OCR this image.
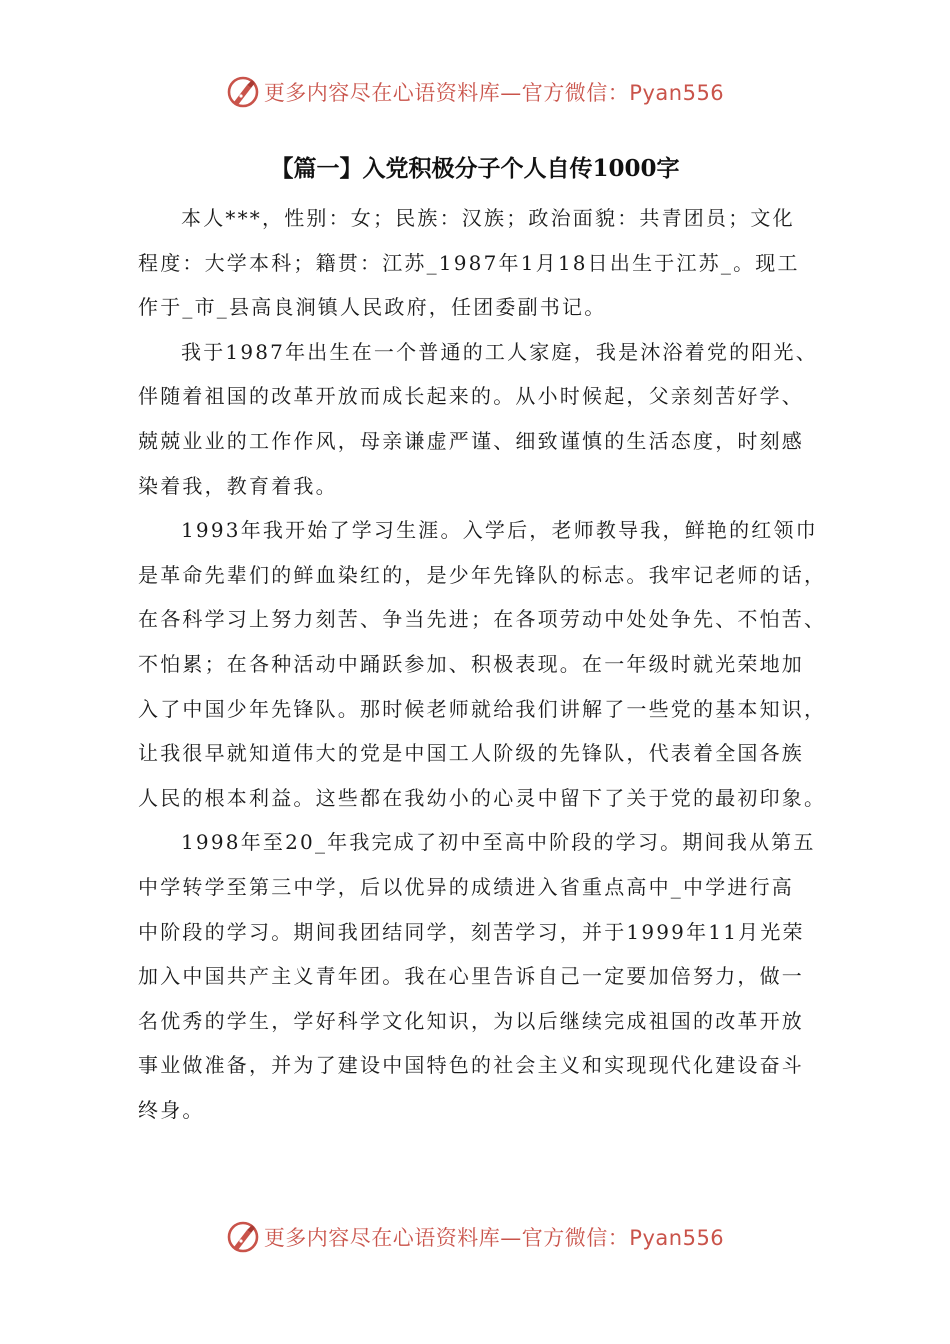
更多内容尽在心语资料库—官方微信：Pyan556
【篇一】入党积极分子个人自传1000字
本人***，性别：女；民族：汉族；政治面貌：共青团员；文化
程度：大学本科；籍贯：江苏_1987年1月18日出生于江苏_。现工
作于_市_县高良涧镇人民政府，任团委副书记。
我于1987年出生在一个普通的工人家庭，我是沐浴着党的阳光、
伴随着祖国的改革开放而成长起来的。从小时候起，父亲刻苦好学、
兢兢业业的工作作风，母亲谦虚严谨、细致谨慎的生活态度，时刻感
染着我，教育着我。
1993年我开始了学习生涯。入学后，老师教导我，鲜艳的红领巾
是革命先辈们的鲜血染红的，是少年先锋队的标志。我牢记老师的话，
在各科学习上努力刻苦、争当先进；在各项劳动中处处争先、不怕苦、
不怕累；在各种活动中踊跃参加、积极表现。在一年级时就光荣地加
入了中国少年先锋队。那时候老师就给我们讲解了一些党的基本知识，
让我很早就知道伟大的党是中国工人阶级的先锋队，代表着全国各族
人民的根本利益。这些都在我幼小的心灵中留下了关于党的最初印象。
1998年至20_年我完成了初中至高中阶段的学习。期间我从第五
中学转学至第三中学，后以优异的成绩进入省重点高中_中学进行高
中阶段的学习。期间我团结同学，刻苦学习，并于1999年11月光荣
加入中国共产主义青年团。我在心里告诉自己一定要加倍努力，做一
名优秀的学生，学好科学文化知识，为以后继续完成祖国的改革开放
事业做准备，并为了建设中国特色的社会主义和实现现代化建设奋斗
终身。
更多内容尽在心语资料库—官方微信：Pyan556
